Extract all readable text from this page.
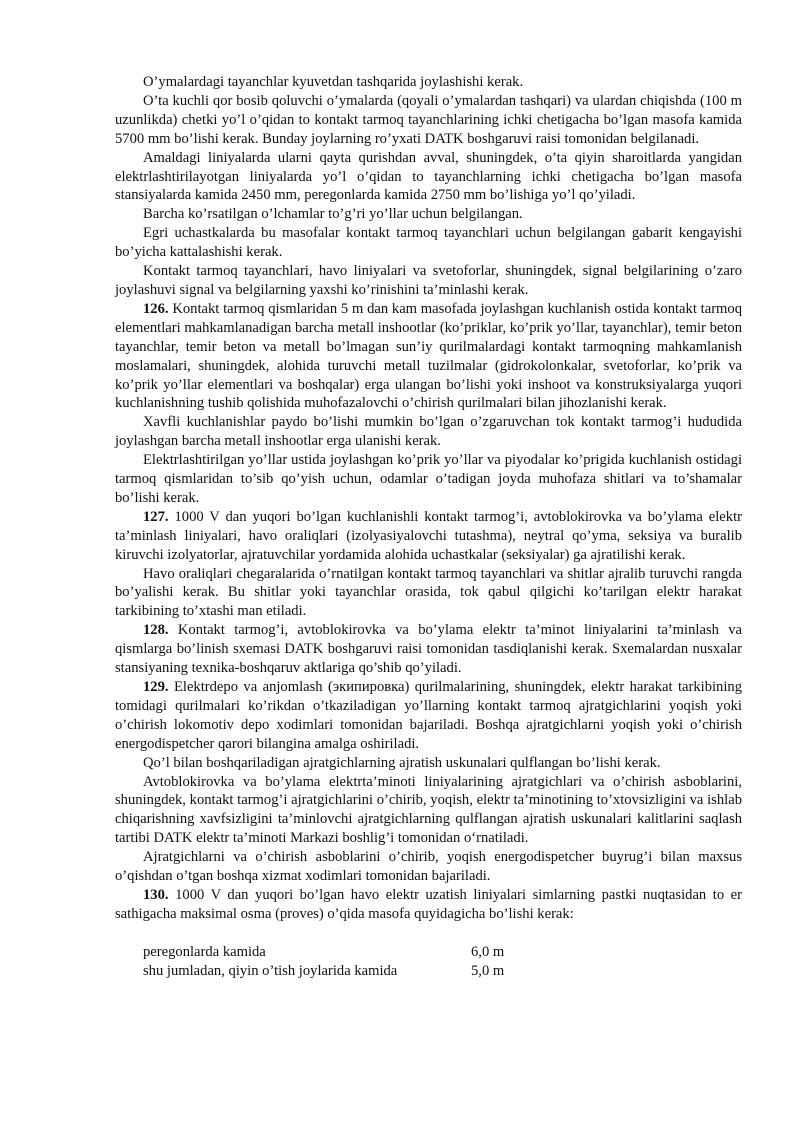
O’ymalardagi tayanchlar kyuvetdan tashqarida joylashishi kerak.

O’ta kuchli qor bosib qoluvchi o’ymalarda (qoyali o’ymalardan tashqari) va ulardan chiqishda (100 m uzunlikda) chetki yo’l o’qidan to kontakt tarmoq tayanchlarining ichki chetigacha bo’lgan masofa kamida 5700 mm bo’lishi kerak. Bunday joylarning ro’yxati DATK boshgaruvi raisi tomonidan belgilanadi.

Amaldagi liniyalarda ularni qayta qurishdan avval, shuningdek, o’ta qiyin sharoitlarda yangidan elektrlashtirilayotgan liniyalarda yo’l o’qidan to tayanchlarning ichki chetigacha bo’lgan masofa stansiyalarda kamida 2450 mm, peregonlarda kamida 2750 mm bo’lishiga yo’l qo’yiladi.

Barcha ko’rsatilgan o’lchamlar to’g’ri yo’llar uchun belgilangan.

Egri uchastkalarda bu masofalar kontakt tarmoq tayanchlari uchun belgilangan gabarit kengayishi bo’yicha kattalashishi kerak.

Kontakt tarmoq tayanchlari, havo liniyalari va svetoforlar, shuningdek, signal belgilarining o’zaro joylashuvi signal va belgilarning yaxshi ko’rinishini ta’minlashi kerak.

126. Kontakt tarmoq qismlaridan 5 m dan kam masofada joylashgan kuchlanish ostida kontakt tarmoq elementlari mahkamlanadigan barcha metall inshootlar (ko’priklar, ko’prik yo’llar, tayanchlar), temir beton tayanchlar, temir beton va metall bo’lmagan sun’iy qurilmalardagi kontakt tarmoqning mahkamlanish moslamalari, shuningdek, alohida turuvchi metall tuzilmalar (gidrokolonkalar, svetoforlar, ko’prik va ko’prik yo’llar elementlari va boshqalar) erga ulangan bo’lishi yoki inshoot va konstruksiyalarga yuqori kuchlanishning tushib qolishida muhofazalovchi o’chirish qurilmalari bilan jihozlanishi kerak.

Xavfli kuchlanishlar paydo bo’lishi mumkin bo’lgan o’zgaruvchan tok kontakt tarmog’i hududida joylashgan barcha metall inshootlar erga ulanishi kerak.

Elektrlashtirilgan yo’llar ustida joylashgan ko’prik yo’llar va piyodalar ko’prigida kuchlanish ostidagi tarmoq qismlaridan to’sib qo’yish uchun, odamlar o’tadigan joyda muhofaza shitlari va to’shamalar bo’lishi kerak.

127. 1000 V dan yuqori bo’lgan kuchlanishli kontakt tarmog’i, avtoblokirovka va bo’ylama elektr ta’minlash liniyalari, havo oraliqlari (izolyasiyalovchi tutashma), neytral qo’yma, seksiya va buralib kiruvchi izolyatorlar, ajratuvchilar yordamida alohida uchastkalar (seksiyalar) ga ajratilishi kerak.

Havo oraliqlari chegaralarida o’rnatilgan kontakt tarmoq tayanchlari va shitlar ajralib turuvchi rangda bo’yalishi kerak. Bu shitlar yoki tayanchlar orasida, tok qabul qilgichi ko’tarilgan elektr harakat tarkibining to’xtashi man etiladi.

128. Kontakt tarmog’i, avtoblokirovka va bo’ylama elektr ta’minot liniyalarini ta’minlash va qismlarga bo’linish sxemasi DATK boshgaruvi raisi tomonidan tasdiqlanishi kerak. Sxemalardan nusxalar stansiyaning texnika-boshqaruv aktlariga qo’shib qo’yiladi.

129. Elektrdepo va anjomlash (экипировка) qurilmalarining, shuningdek, elektr harakat tarkibining tomidagi qurilmalari ko’rikdan o’tkaziladigan yo’llarning kontakt tarmoq ajratgichlarini yoqish yoki o’chirish lokomotiv depo xodimlari tomonidan bajariladi. Boshqa ajratgichlarni yoqish yoki o’chirish energodispetcher qarori bilangina amalga oshiriladi.

Qo’l bilan boshqariladigan ajratgichlarning ajratish uskunalari qulflangan bo’lishi kerak.

Avtoblokirovka va bo’ylama elektrta’minoti liniyalarining ajratgichlari va o’chirish asboblarini, shuningdek, kontakt tarmog’i ajratgichlarini o’chirib, yoqish, elektr ta’minotining to’xtovsizligini va ishlab chiqarishning xavfsizligini ta’minlovchi ajratgichlarning qulflangan ajratish uskunalari kalitlarini saqlash tartibi DATK elektr ta’minoti Markazi boshlig’i tomonidan o‘rnatiladi.

Ajratgichlarni va o’chirish asboblarini o’chirib, yoqish energodispetcher buyrug’i bilan maxsus o’qishdan o’tgan boshqa xizmat xodimlari tomonidan bajariladi.

130. 1000 V dan yuqori bo’lgan havo elektr uzatish liniyalari simlarning pastki nuqtasidan to er sathigacha maksimal osma (proves) o’qida masofa quyidagicha bo’lishi kerak:

peregonlarda kamida	6,0 m
shu jumladan, qiyin o’tish joylarida kamida	5,0 m
